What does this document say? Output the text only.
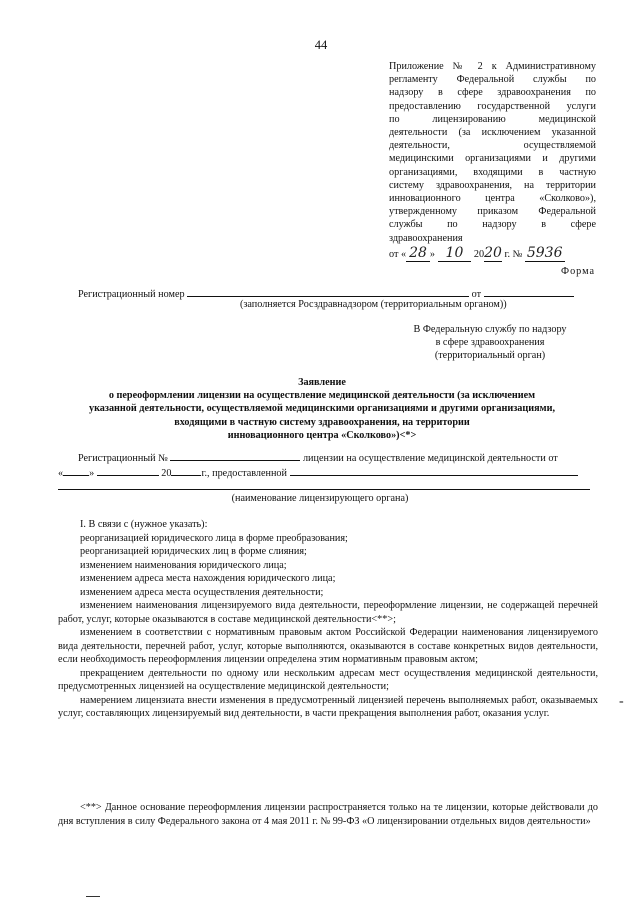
44
Приложение № 2 к Административному
регламенту Федеральной службы по
надзору в сфере здравоохранения по
предоставлению государственной услуги
по лицензированию медицинской
деятельности (за исключением указанной
деятельности, осуществляемой
медицинскими организациями и другими
организациями, входящими в частную
систему здравоохранения, на территории
инновационного центра «Сколково»),
утвержденному приказом Федеральной
службы по надзору в сфере
здравоохранения
от « 28 » 10 2020 г. № 5936
Форма
Регистрационный номер	от
(заполняется Росздравнадзором (территориальным органом))
В Федеральную службу по надзору
в сфере здравоохранения
(территориальный орган)
Заявление
о переоформлении лицензии на осуществление медицинской деятельности (за исключением
указанной деятельности, осуществляемой медицинскими организациями и другими организациями,
входящими в частную систему здравоохранения, на территории
инновационного центра «Сколково»)<*>
Регистрационный №	лицензии на осуществление медицинской деятельности от
«	»	20	г., предоставленной
(наименование лицензирующего органа)

I. В связи с (нужное указать):

реорганизацией юридического лица в форме преобразования;

реорганизацией юридических лиц в форме слияния;

изменением наименования юридического лица;

изменением адреса места нахождения юридического лица;

изменением адреса места осуществления деятельности;

изменением наименования лицензируемого вида деятельности, переоформление лицензии, не содержащей перечней работ, услуг, которые оказываются в составе медицинской деятельности<**>;

изменением в соответствии с нормативным правовым актом Российской Федерации наименования лицензируемого вида деятельности, перечней работ, услуг, которые выполняются, оказываются в составе конкретных видов деятельности, если необходимость переоформления лицензии определена этим нормативным правовым актом;

прекращением деятельности по одному или нескольким адресам мест осуществления медицинской деятельности, предусмотренных лицензией на осуществление медицинской деятельности;

намерением лицензиата внести изменения в предусмотренный лицензией перечень выполняемых работ, оказываемых услуг, составляющих лицензируемый вид деятельности, в части прекращения выполнения работ, оказания услуг.

-
<**> Данное основание переоформления лицензии распространяется только на те лицензии, которые действовали до дня вступления в силу Федерального закона от 4 мая 2011 г. № 99-ФЗ «О лицензировании отдельных видов деятельности»
